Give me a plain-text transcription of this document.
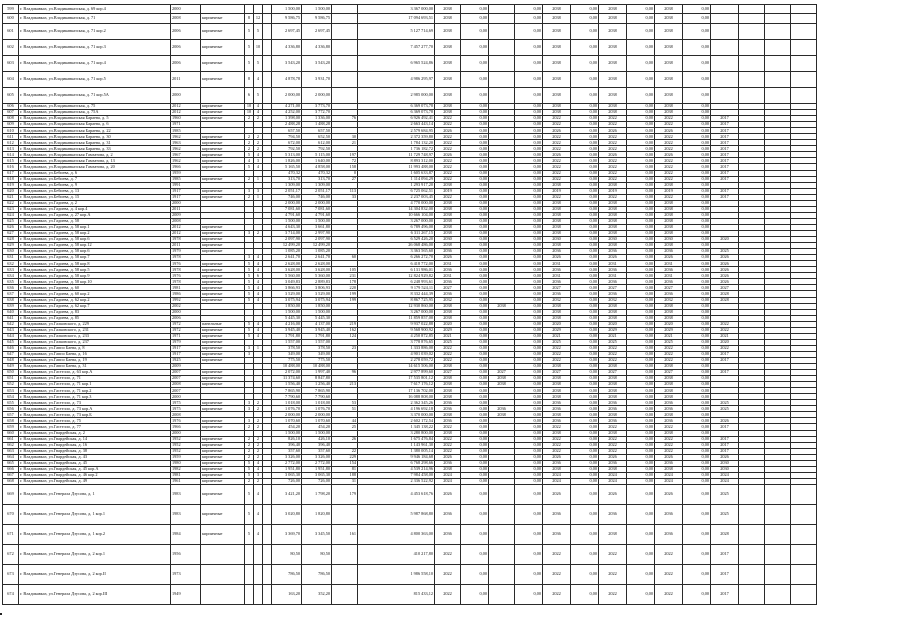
599	г. Владикавказ, ул.Владикавказская, д. 69 кор.4	2000					1 500,00	1 500,00		3 367 000,00	2038	0,00		0,00	2038	0,00	2038	0,00	2038	0,00				
600	г. Владикавказ, ул.Владикавказская, д. 71	2008	кирпичные	8	12		9 586,75	9 586,75		17 094 693,51	2038	0,00		0,00	2038	0,00	2038	0,00	2038	0,00				
601	г. Владикавказ, ул.Владикавказская, д. 71 кор.2	2006	кирпичные	5	5		2 697,45	2 697,45		5 127 714,69	2038	0,00		0,00	2038	0,00	2038	0,00	2038	0,00				
602	г. Владикавказ, ул.Владикавказская, д. 71 кор.3	2006	кирпичные	5	10		4 336,80	4 336,80		7 457 277,70	2038	0,00		0,00	2038	0,00	2038	0,00	2038	0,00				
603	г. Владикавказ, ул.Владикавказская, д. 71 кор.4	2006	кирпичные	5	5		3 543,20	3 543,20		6 965 524,86	2038	0,00		0,00	2038	0,00	2038	0,00	2038	0,00				
604	г. Владикавказ, ул.Владикавказская, д. 71 кор.5	2011	кирпичные	8	4		4 878,78	3 931,70		4 986 295,97	2038	0,00		0,00	2038	0,00	2038	0,00	2038	0,00				
605	г. Владикавказ, ул.Владикавказская, д. 71 кор.5А	2000		6	5		2 000,00	2 000,00		2 985 000,00	2038	0,00		0,00	2038	0,00	2038	0,00	2038	0,00				
606	г. Владикавказ, ул.Владикавказская, д. 75	2012	кирпичные	10	4		4 271,00	3 773,70		6 369 073,78	2038	0,00		0,00	2038	0,00	2038	0,00	2038	0,00				
607	г. Владикавказ, ул.Владикавказская, д. 75А	2012	кирпичные	10	4		4 252,00	3 772,70		6 369 073,78	2038	0,00		0,00	2038	0,00	2038	0,00	2038	0,00				
608	г. Владикавказ, ул.Владикавказская Бараева, д. 5	1960	кирпичные	2	2		1 398,00	1 336,00	76	6 926 492,41	2022	0,00		0,00	2022	0,00	2022	0,00	2022	0,00	2017			
609	г. Владикавказ, ул.Владикавказская Бараева, д. 6	1971					2 488,28	1 488,28		2 663 443,14	2022	0,00		0,00	2022	0,00	2022	0,00	2022	0,00	2017			
610	г. Владикавказ, ул.Владикавказская Бараева, д. 22	1985					657,50	657,50		2 579 684,95	2026	0,00		0,00	2026	0,00	2026	0,00	2026	0,00	2017			
611	г. Владикавказ, ул.Владикавказская Бараева, д. 30	1962	кирпичные	2	2		794,50	652,50	30	2 372 359,80	2022	0,00		0,00	2022	0,00	2022	0,00	2022	0,00	2017			
612	г. Владикавказ, ул.Владикавказская Бараева, д. 31	1963	кирпичные	2	2		672,00	612,00	21	1 784 132,20	2022	0,00		0,00	2022	0,00	2022	0,00	2022	0,00	2017			
613	г. Владикавказ, ул.Владикавказская Бараева, д. 33	1962	кирпичные	2	2		792,50	792,50		1 736 182,72	2022	0,00		0,00	2022	0,00	2022	0,00	2022	0,00	2017			
614	г. Владикавказ, ул.Владикавказская Гамзатова, д. 2	1967	кирпичные	5	4		5 313,00	5 115,00	197	11 729 748,97	2026	0,00		0,00	2026	0,00	2026	0,00	2026	0,00	2017			
615	г. Владикавказ, ул.Владикавказская Гамзатова, д. 13	1962	кирпичные	4	3		1 826,00	1 640,00	72	8 893 312,00	2022	0,00		0,00	2022	0,00	2022	0,00	2022	0,00	2017			
616	г. Владикавказ, ул.Владикавказская Гамзатова, д. 20	1966	кирпичные	5	4		5 165,50	4 858,00	158	11 993 488,00	2022	0,00		0,00	2022	0,00	2022	0,00	2022	0,00	2017			
617	г. Владикавказ, ул.Бебиева, д. 6	1959					470,32	470,32	0	1 605 633,87	2022	0,00		0,00	2022	0,00	2022	0,00	2022	0,00	2017			
618	г. Владикавказ, ул.Бебиева, д. 7	1985	кирпичные	2	1		313,70	313,70	27	1 114 094,29	2022	0,00		0,00	2022	0,00	2022	0,00	2022	0,00	2017			
619	г. Владикавказ, ул.Бебиева, д. 9	1991					1 309,00	1 309,00		1 293 917,20	2038	0,00		0,00	2038	0,00	2038	0,00	2038	0,00				
620	г. Владикавказ, ул.Бебиева, д. 13	1917	кирпичные	3	3		2 051,17	2 051,17	113	6 725 062,51	2019	0,00		0,00	2019	0,00	2019	0,00	2019	0,00	2017			
621	г. Владикавказ, ул.Бебиева, д. 15	1917	кирпичные	2	1		746,00	746,00	33	2 237 003,45	2022	0,00		0,00	2022	0,00	2022	0,00	2022	0,00	2017			
622	г. Владикавказ, ул.Гадиева, д. 2	2000					2 000,00	2 000,00		4 770 000,00	2038	0,00		0,00	2038	0,00	2038	0,00	2038	0,00				
623	г. Владикавказ, ул.Гадиева, д. 4 кор.4	2011					7 081,60	7 081,60		14 304 832,00	2038	0,00		0,00	2038	0,00	2038	0,00	2038	0,00				
624	г. Владикавказ, ул.Гадиева, д. 27 кор.А	2009					4 791,60	4 791,60		10 666 104,00	2038	0,00		0,00	2038	0,00	2038	0,00	2038	0,00				
625	г. Владикавказ, ул.Гадиева, д. 58	2008					1 500,00	1 500,00		3 267 000,00	2038	0,00		0,00	2038	0,00	2038	0,00	2038	0,00				
626	г. Владикавказ, ул.Гадиева, д. 58 кор.1	2012	кирпичные				4 643,30	3 661,80		6 789 496,00	2038	0,00		0,00	2038	0,00	2038	0,00	2038	0,00				
627	г. Владикавказ, ул.Гадиева, д. 58 кор.2	2012	кирпичные	3	2		3 714,00	2 997,90		6 311 267,15	2038	0,00		0,00	2038	0,00	2038	0,00	2038	0,00				
628	г. Владикавказ, ул.Гадиева, д. 58 кор.6	1978	кирпичные				2 097,90	2 097,90		6 529 426,20	2030	0,00		0,00	2030	0,00	2030	0,00	2030	0,00	2020			
629	г. Владикавказ, ул.Гадиева, д. 58 кор.12	2011	кирпичные				12 499,20	12 499,20		26 068 486,00	2038	0,00		0,00	2038	0,00	2038	0,00	2038	0,00				
630	г. Владикавказ, ул.Гадиева, д. 58 кор.6	1979	кирпичные				1 085,20	1 085,20		3 363 565,60	2036	0,00		0,00	2036	0,00	2036	0,00	2036	0,00	2025			
631	г. Владикавказ, ул.Гадиева, д. 58 кор.7	1978		3	4		2 641,70	2 641,70	60	6 266 272,70	2026	0,00		0,00	2026	0,00	2026	0,00	2026	0,00	2026			
632	г. Владикавказ, ул.Гадиева, д. 58 кор.8	1976	кирпичные	5	4		2 628,00	2 628,00		6 418 772,00	2031	0,00		0,00	2031	0,00	2031	0,00	2031	0,00	2026			
633	г. Владикавказ, ул.Гадиева, д. 58 кор.5	1978	кирпичные	5	4		3 628,00	3 628,00	105	6 131 986,01	2036	0,00		0,00	2036	0,00	2036	0,00	2036	0,00	2026			
634	г. Владикавказ, ул.Гадиева, д. 58 кор.9	1976	кирпичные	5	6		5 560,00	5 360,00	231	12 824 929,82	2031	0,00		0,00	2031	0,00	2031	0,00	2031	0,00	2026			
635	г. Владикавказ, ул.Гадиева, д. 58 кор.10	1978	кирпичные	5	4		3 049,83	2 889,83	178	6 248 993,61	2036	0,00		0,00	2036	0,00	2036	0,00	2036	0,00	2026			
636	г. Владикавказ, ул.Гадиева, д. 60	1981	кирпичные	5	4		3 866,93	3 806,93	220	9 179 524,11	2027	0,00		0,00	2027	0,00	2027	0,00	2027	0,00	2027			
637	г. Владикавказ, ул.Гадиева, д. 60 кор.2	1986	кирпичные	5	4		3 529,00	3 529,00	199	8 332 444,39	2036	0,00		0,00	2036	0,00	2036	0,00	2036	0,00	2028			
638	г. Владикавказ, ул.Гадиева, д. 62 кор.2	1992	кирпичные	5	4		3 075,94	3 075,94	199	8 867 725,95	2032	0,00		0,00	2032	0,00	2032	0,00	2032	0,00	2028			
639	г. Владикавказ, ул.Гадиева, д. 62 кор.7	2002					1 850,00	1 850,00		12 930 860,00	2038	0,00	2038	0,00	2038	0,00	2038	0,00	2038	0,00				
640	г. Владикавказ, ул.Гадиева, д. 83	2000					1 500,00	1 500,00		3 267 000,00	2038	0,00		0,00	2038	0,00	2038	0,00	2038	0,00				
641	г. Владикавказ, ул.Гадиева, д. 85	2006					5 445,30	5 445,30		11 859 857,00	2038	0,00		0,00	2038	0,00	2038	0,00	2038	0,00				
642	г. Владикавказ, ул.Галковского, д. 229	1972	панельные	5	4		4 216,00	4 137,00	219	9 937 022,88	2020	0,00		0,00	2020	0,00	2020	0,00	2020	0,00	2022			
643	г. Владикавказ, ул.Галковского, д. 231	1972	кирпичные	5	4		3 945,40	3 945,40	162	9 568 900,92	2029	0,00		0,00	2029	0,00	2029	0,00	2029	0,00	2022			
644	г. Владикавказ, ул.Галковского, д. 233	1971	кирпичные	5	4		1 791,80	1 791,80	124	4 250 872,85	2021	0,00		0,00	2021	0,00	2021	0,00	2021	0,00	2021			
645	г. Владикавказ, ул.Галковского, д. 237	1979	кирпичные				1 557,00	1 557,00		3 778 876,65	2025	0,00		0,00	2025	0,00	2025	0,00	2025	0,00	2020			
646	г. Владикавказ, ул.Гаппо Баева, д. 8	1917	кирпичные	3	1		378,50	378,50	23	1 333 886,00	2022	0,00		0,00	2022	0,00	2022	0,00	2022	0,00	2022			
647	г. Владикавказ, ул.Гаппо Баева, д. 16	1917	кирпичные	3			349,00	349,00		4 901 039,02	2022	0,00		0,00	2022	0,00	2022	0,00	2022	0,00	2017			
648	г. Владикавказ, ул.Гаппо Баева, д. 19	1925	кирпичные				775,50	775,50		2 278 059,72	2022	0,00		0,00	2022	0,00	2022	0,00	2022	0,00	2017			
649	г. Владикавказ, ул.Гаппо Баева, д. 31	2009					10 488,00	10 488,00		14 615 506,00	2038	0,00		0,00	2038	0,00	2038	0,00	2038	0,00				
650	г. Владикавказ, ул.Гастелло, д. 63 кор.А	2007	кирпичные				2 072,00	1 997,40	96	2 977 899,60	2027	0,00	2027	0,00	2027	0,00	2027	0,00	2027	0,00	2017			
651	г. Владикавказ, ул.Гастелло, д. 71	2007	кирпичные				11 374,60	8 847,80		17 535 801,12	2038	0,00	2038	0,00	2038	0,00	2038	0,00	2038	0,00				
652	г. Владикавказ, ул.Гастелло, д. 71 кор.1	2008	кирпичные				1 556,40	1 256,40	213	7 617 176,12	2038	0,00	2038	0,00	2038	0,00	2038	0,00	2038	0,00				
653	г. Владикавказ, ул.Гастелло, д. 71 кор.2	2007					7 865,90	7 865,90		17 136 702,00	2038	0,00		0,00	2038	0,00	2038	0,00	2038	0,00				
654	г. Владикавказ, ул.Гастелло, д. 71 кор.3	2000					7 790,60	7 790,60		16 088 808,00	2038	0,00		0,00	2038	0,00	2038	0,00	2038	0,00				
655	г. Владикавказ, ул.Гастелло, д. 73	1975	кирпичные	3	2		1 018,00	1 018,00	53	2 362 345,26	2036	0,00		0,00	2036	0,00	2036	0,00	2036	0,00	2025			
656	г. Владикавказ, ул.Гастелло, д. 73 кор.А	1975	кирпичные	3	2		1 076,70	1 076,70	51	4 196 692,18	2036	0,00	2036	0,00	2036	0,00	2036	0,00	2036	0,00	2025			
657	г. Владикавказ, ул.Гастелло, д. 73 кор.Б	2008					2 000,00	2 000,00		3 370 000,00	2038	0,00	2038	0,00	2038	0,00	2038	0,00	2038	0,00				
658	г. Владикавказ, ул.Гастелло, д. 75	1976	кирпичные	3	2		1 070,60	1 070,60	44	2 602 172,54	2036	0,00		0,00	2036	0,00	2036	0,00	2036	0,00	2026			
659	г. Владикавказ, ул.Гастелло, д. 77	1966	кирпичные	2	2		454,20	454,20	25	1 345 138,22	2022	0,00		0,00	2022	0,00	2022	0,00	2022	0,00	2017			
660	г. Владикавказ, ул.Гвардейская, д. 2	2000					1 500,00	1 500,00		3 280 800,00	2038	0,00		0,00	2038	0,00	2038	0,00	2038	0,00				
661	г. Владикавказ, ул.Гвардейская, д. 14	1952	кирпичные	2	2		826,10	426,10	26	1 675 476,84	2022	0,00		0,00	2022	0,00	2022	0,00	2022	0,00	2017			
662	г. Владикавказ, ул.Гвардейская, д. 16	1952	кирпичные	2	2		396,40	396,40		1 143 961,30	2022	0,00		0,00	2022	0,00	2022	0,00	2022	0,00	2017			
663	г. Владикавказ, ул.Гвардейская, д. 38	1952	кирпичные	2	2		357,60	357,60	22	1 380 005,14	2022	0,00		0,00	2022	0,00	2022	0,00	2022	0,00	2017			
664	г. Владикавказ, ул.Гвардейская, д. 43	1959	кирпичные	2	2		3 326,00	3 326,00	229	9 946 184,68	2026	0,00		0,00	2026	0,00	2026	0,00	2026	0,00	2026			
665	г. Владикавказ, ул.Гвардейская, д. 45	1980	кирпичные	5	4		2 772,00	2 772,00	154	6 768 298,66	2036	0,00		0,00	2036	0,00	2036	0,00	2036	0,00	2030			
666	г. Владикавказ, ул.Гвардейская, д. 45 кор.А	1982	кирпичные	5	4		1 951,80	1 951,80	81	4 539 214,96	2038	0,00		0,00	2038	0,00	2038	0,00	2038	0,00	2030			
667	г. Владикавказ, ул.Гвардейская, д. 46 кор.2	1981	кирпичные	5	3		3 065,30	3 065,30	188	7 984 458,00	2024	0,00		0,00	2024	0,00	2024	0,00	2024	0,00	2024			
668	г. Владикавказ, ул.Гвардейская, д. 49	1961	кирпичные	2	2		726,00	726,00	31	2 336 522,92	2024	0,00		0,00	2024	0,00	2024	0,00	2024	0,00	2024			
669	г. Владикавказ, ул.Генерала Дзусова, д. 1	1983	кирпичные	5	4		3 421,20	1 798,20	179	4 453 618,76	2026	0,00		0,00	2026	0,00	2026	0,00	2026	0,00	2025			
670	г. Владикавказ, ул.Генерала Дзусова, д. 1 кор.1	1983	кирпичные	5	4		3 020,80	1 820,80		5 987 868,80	2036	0,00		0,00	2036	0,00	2036	0,00	2036	0,00	2025			
671	г. Владикавказ, ул.Генерала Дзусова, д. 1 кор.2	1984	кирпичные	5	4		3 369,70	3 345,50	161	4 800 363,00	2036	0,00		0,00	2036	0,00	2038	0,00	2036	0,00	2028			
672	г. Владикавказ, ул.Генерала Дзусова, д. 2 кор.1	1956					80,50	80,50		410 217,80	2022	0,00		0,00	2022	0,00	2022	0,00	2022	0,00	2017			
673	г. Владикавказ, ул.Генерала Дзусова, д. 2 кор.II	1973					786,50	786,50		1 986 558,10	2022	0,00		0,00	2022	0,00	2022	0,00	2022	0,00	2017			
674	г. Владикавказ, ул.Генерала Дзусова, д. 2 кор.III	1949					163,20	352,20		815 433,12	2022	0,00		0,00	2022	0,00	2022	0,00	2022	0,00	2017			
